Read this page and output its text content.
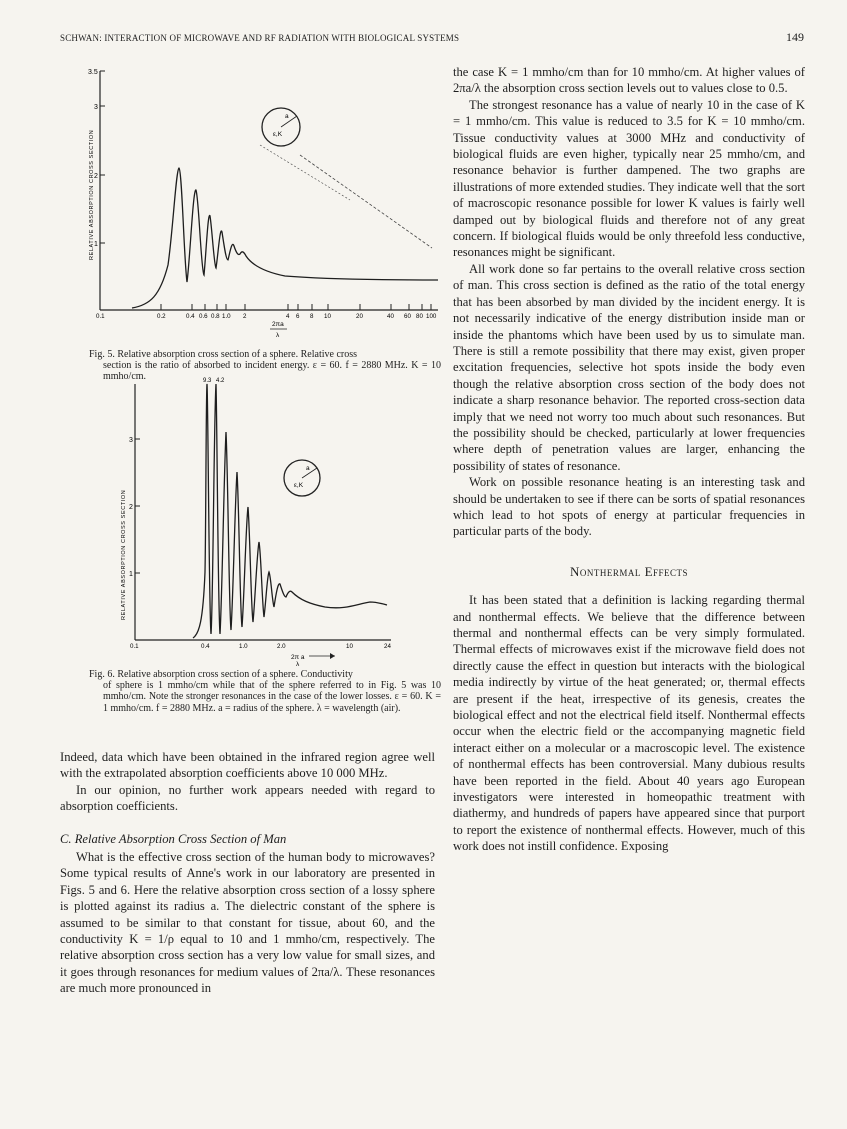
SCHWAN: INTERACTION OF MICROWAVE AND RF RADIATION WITH BIOLOGICAL SYSTEMS	149
RELATIVE ABSORPTION CROSS SECTION
3.5
3
2
1
0.1	0.2	0.4 0.6 0.8 1.0 2	4 6 8 10	20	40 60 80 100
2πa
λ
a
ε,K
Fig. 5. Relative absorption cross section of a sphere. Relative cross
section is the ratio of absorbed to incident energy. ε = 60. f = 2880 MHz. K = 10 mmho/cm.
RELATIVE ABSORPTION CROSS SECTION
3
2
1
0.1	0.4	1.0	2.0	10	24
9.3 4.2
a
ε,K
2π a
λ
Fig. 6. Relative absorption cross section of a sphere. Conductivity
of sphere is 1 mmho/cm while that of the sphere referred to in Fig. 5 was 10 mmho/cm. Note the stronger resonances in the case of the lower losses. ε = 60. K = 1 mmho/cm. f = 2880 MHz. a = radius of the sphere. λ = wavelength (air).

Indeed, data which have been obtained in the infrared region agree well with the extrapolated absorption coefficients above 10 000 MHz.

In our opinion, no further work appears needed with regard to absorption coefficients.

C. Relative Absorption Cross Section of Man

What is the effective cross section of the human body to microwaves? Some typical results of Anne's work in our laboratory are presented in Figs. 5 and 6. Here the relative absorption cross section of a lossy sphere is plotted against its radius a. The dielectric constant of the sphere is assumed to be similar to that constant for tissue, about 60, and the conductivity K = 1/ρ equal to 10 and 1 mmho/cm, respectively. The relative absorption cross section has a very low value for small sizes, and it goes through resonances for medium values of 2πa/λ. These resonances are much more pronounced in

the case K = 1 mmho/cm than for 10 mmho/cm. At higher values of 2πa/λ the absorption cross section levels out to values close to 0.5.

The strongest resonance has a value of nearly 10 in the case of K = 1 mmho/cm. This value is reduced to 3.5 for K = 10 mmho/cm. Tissue conductivity values at 3000 MHz and conductivity of biological fluids are even higher, typically near 25 mmho/cm, and resonance behavior is further dampened. The two graphs are illustrations of more extended studies. They indicate well that the sort of macroscopic resonance possible for lower K values is fairly well damped out by biological fluids and therefore not of any great concern. If biological fluids would be only threefold less conductive, resonances might be significant.

All work done so far pertains to the overall relative cross section of man. This cross section is defined as the ratio of the total energy that has been absorbed by man divided by the incident energy. It is not necessarily indicative of the energy distribution inside man or inside the phantoms which have been used by us to simulate man. There is still a remote possibility that there may exist, given proper excitation frequencies, selective hot spots inside the body even though the relative absorption cross section of the body does not indicate a sharp resonance behavior. The reported cross-section data imply that we need not worry too much about such resonances. But the possibility should be checked, particularly at lower frequencies where depth of penetration values are larger, enhancing the possibility of states of resonance.

Work on possible resonance heating is an interesting task and should be undertaken to see if there can be sorts of spatial resonances which lead to hot spots of energy at particular frequencies in particular parts of the body.

Nonthermal Effects

It has been stated that a definition is lacking regarding thermal and nonthermal effects. We believe that the difference between thermal and nonthermal effects can be very simply formulated. Thermal effects of microwaves exist if the microwave field does not directly cause the effect in question but interacts with the biological media indirectly by virtue of the heat generated; or, thermal effects are present if the heat, irrespective of its genesis, creates the biological effect and not the electrical field itself. Nonthermal effects occur when the electric field or the accompanying magnetic field interact either on a molecular or a macroscopic level. The existence of nonthermal effects has been controversial. Many dubious results have been reported in the field. About 40 years ago European investigators were interested in homeopathic treatment with diathermy, and hundreds of papers have appeared since that purport to report the existence of nonthermal effects. However, much of this work does not instill confidence. Exposing
